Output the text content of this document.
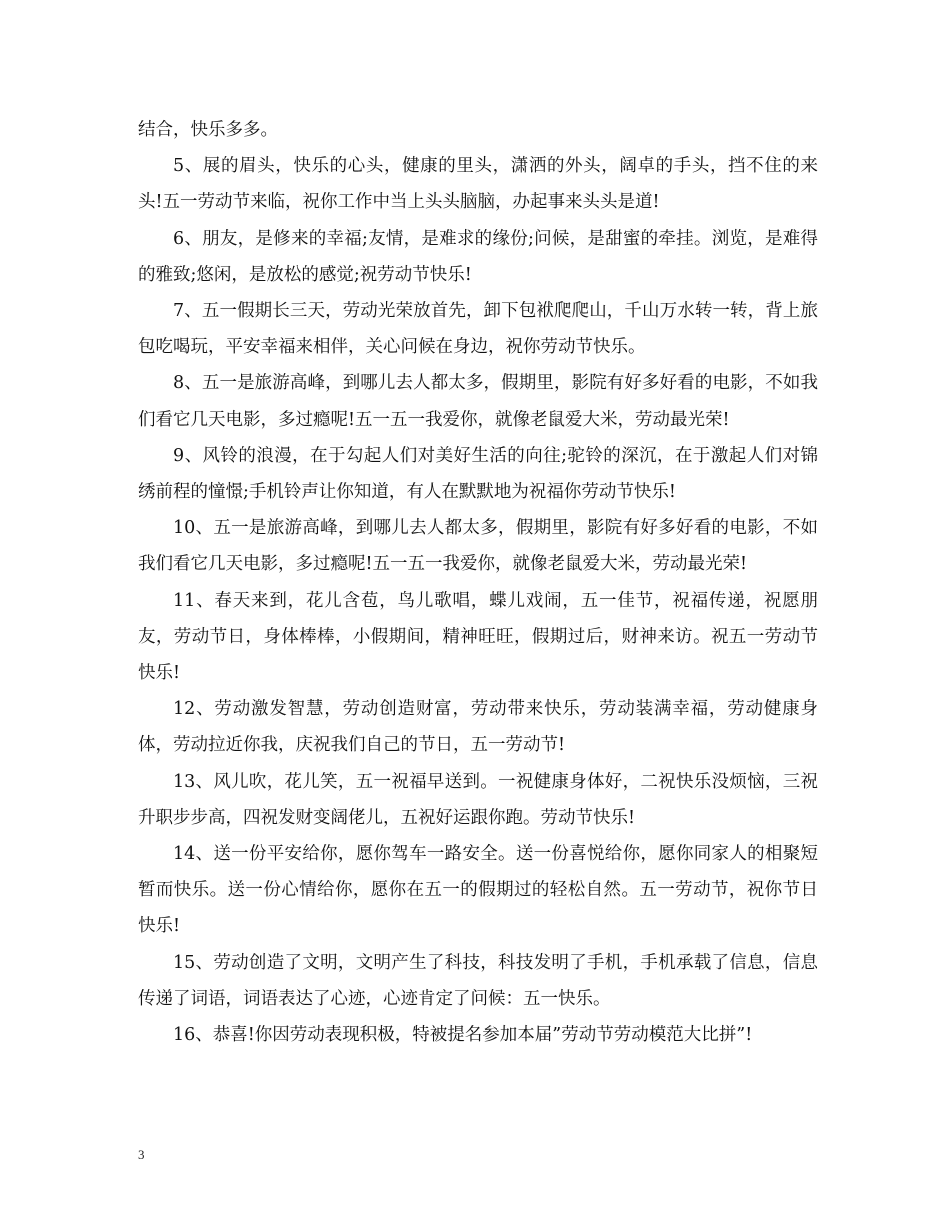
结合，快乐多多。

5、展的眉头，快乐的心头，健康的里头，潇洒的外头，阔卓的手头，挡不住的来头!五一劳动节来临，祝你工作中当上头头脑脑，办起事来头头是道!

6、朋友，是修来的幸福;友情，是难求的缘份;问候，是甜蜜的牵挂。浏览，是难得的雅致;悠闲，是放松的感觉;祝劳动节快乐!

7、五一假期长三天，劳动光荣放首先，卸下包袱爬爬山，千山万水转一转，背上旅包吃喝玩，平安幸福来相伴，关心问候在身边，祝你劳动节快乐。

8、五一是旅游高峰，到哪儿去人都太多，假期里，影院有好多好看的电影，不如我们看它几天电影，多过瘾呢!五一五一我爱你，就像老鼠爱大米，劳动最光荣!

9、风铃的浪漫，在于勾起人们对美好生活的向往;驼铃的深沉，在于激起人们对锦绣前程的憧憬;手机铃声让你知道，有人在默默地为祝福你劳动节快乐!

10、五一是旅游高峰，到哪儿去人都太多，假期里，影院有好多好看的电影，不如我们看它几天电影，多过瘾呢!五一五一我爱你，就像老鼠爱大米，劳动最光荣!

11、春天来到，花儿含苞，鸟儿歌唱，蝶儿戏闹，五一佳节，祝福传递，祝愿朋友，劳动节日，身体棒棒，小假期间，精神旺旺，假期过后，财神来访。祝五一劳动节快乐!

12、劳动激发智慧，劳动创造财富，劳动带来快乐，劳动装满幸福，劳动健康身体，劳动拉近你我，庆祝我们自己的节日，五一劳动节!

13、风儿吹，花儿笑，五一祝福早送到。一祝健康身体好，二祝快乐没烦恼，三祝升职步步高，四祝发财变阔佬儿，五祝好运跟你跑。劳动节快乐!

14、送一份平安给你，愿你驾车一路安全。送一份喜悦给你，愿你同家人的相聚短暂而快乐。送一份心情给你，愿你在五一的假期过的轻松自然。五一劳动节，祝你节日快乐!

15、劳动创造了文明，文明产生了科技，科技发明了手机，手机承载了信息，信息传递了词语，词语表达了心迹，心迹肯定了问候：五一快乐。

16、恭喜!你因劳动表现积极，特被提名参加本届”劳动节劳动模范大比拼”!

3
